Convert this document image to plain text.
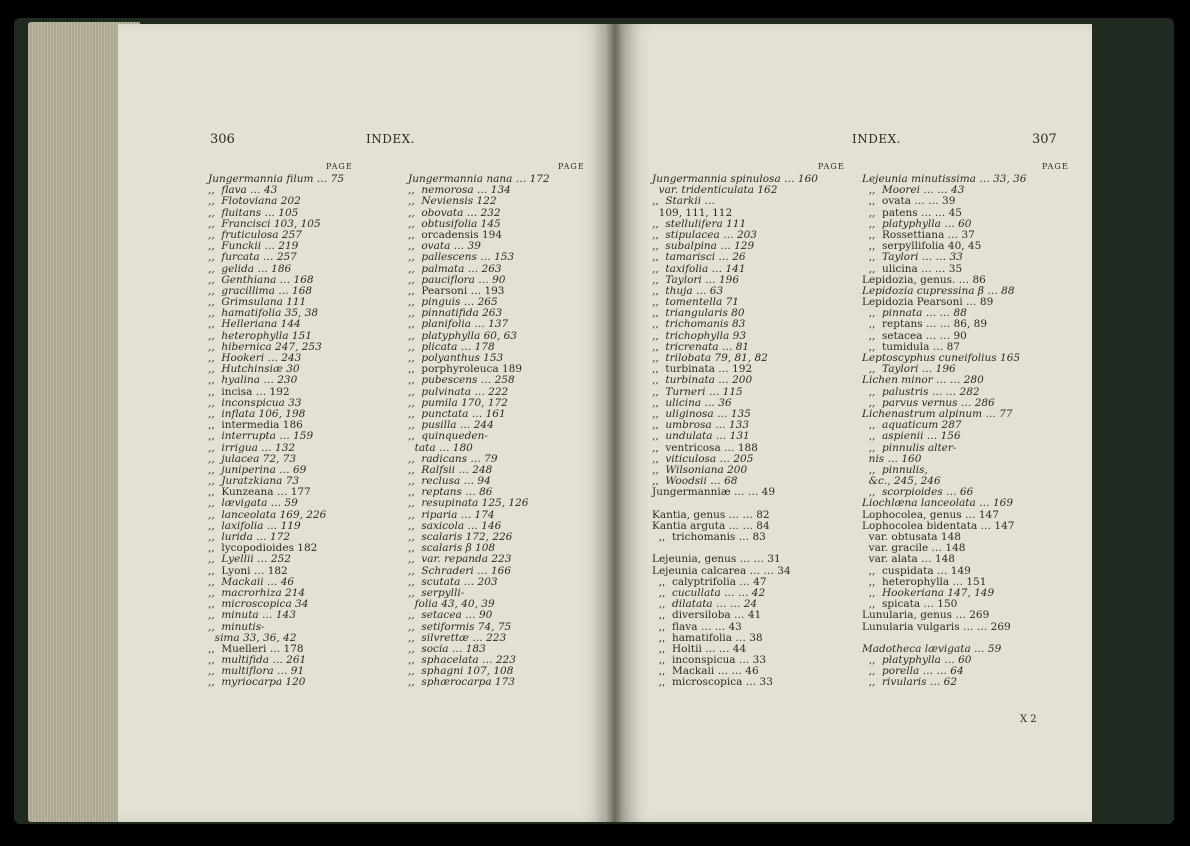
306	INDEX.
PAGE	PAGE
Jungermannia filum … 75
,,  flava … 43
,,  Flotoviana 202
,,  fluitans … 105
,,  Francisci 103, 105
,,  fruticulosa 257
,,  Funckii … 219
,,  furcata … 257
,,  gelida … 186
,,  Genthiana … 168
,,  gracillima … 168
,,  Grimsulana 111
,,  hamatifolia 35, 38
,,  Helleriana 144
,,  heterophylla 151
,,  hibernica 247, 253
,,  Hookeri … 243
,,  Hutchinsiæ 30
,,  hyalina … 230
,,  incisa … 192
,,  inconspicua 33
,,  inflata 106, 198
,,  intermedia 186
,,  interrupta … 159
,,  irrigua … 132
,,  julacea 72, 73
,,  juniperina … 69
,,  Juratzkiana 73
,,  Kunzeana … 177
,,  lævigata … 59
,,  lanceolata 169, 226
,,  laxifolia … 119
,,  lurida … 172
,,  lycopodioides 182
,,  Lyellii … 252
,,  Lyoni … 182
,,  Mackaii … 46
,,  macrorhiza 214
,,  microscopica 34
,,  minuta … 143
,,  minutis-
sima 33, 36, 42
,,  Muelleri … 178
,,  multifida … 261
,,  multiflora … 91
,,  myriocarpa 120
Jungermannia nana … 172
,,  nemorosa … 134
,,  Neviensis 122
,,  obovata … 232
,,  obtusifolia 145
,,  orcadensis 194
,,  ovata … 39
,,  pallescens … 153
,,  palmata … 263
,,  pauciflora … 90
,,  Pearsoni … 193
,,  pinguis … 265
,,  pinnatifida 263
,,  planifolia … 137
,,  platyphylla 60, 63
,,  plicata … 178
,,  polyanthus 153
,,  porphyroleuca 189
,,  pubescens … 258
,,  pulvinata … 222
,,  pumila 170, 172
,,  punctata … 161
,,  pusilla … 244
,,  quinqueden-
tata … 180
,,  radicans … 79
,,  Ralfsii … 248
,,  reclusa … 94
,,  reptans … 86
,,  resupinata 125, 126
,,  riparia … 174
,,  saxicola … 146
,,  scalaris 172, 226
,,  scalaris β 108
,,  var. repanda 223
,,  Schraderi … 166
,,  scutata … 203
,,  serpylli-
folia 43, 40, 39
,,  setacea … 90
,,  setiformis 74, 75
,,  silvrettæ … 223
,,  socia … 183
,,  sphacelata … 223
,,  sphagni 107, 108
,,  sphærocarpa 173
INDEX.	307
PAGE	PAGE
Jungermannia spinulosa … 160
var. tridenticulata 162
,,  Starkii …
109, 111, 112
,,  stellulifera 111
,,  stipulacea … 203
,,  subalpina … 129
,,  tamarisci … 26
,,  taxifolia … 141
,,  Taylori … 196
,,  thuja … 63
,,  tomentella 71
,,  triangularis 80
,,  trichomanis 83
,,  trichophylla 93
,,  tricrenata … 81
,,  trilobata 79, 81, 82
,,  turbinata … 192
,,  turbinata … 200
,,  Turneri … 115
,,  ulicina … 36
,,  uliginosa … 135
,,  umbrosa … 133
,,  undulata … 131
,,  ventricosa … 188
,,  viticulosa … 205
,,  Wilsoniana 200
,,  Woodsii … 68
Jungermanniæ … … 49
Kantia, genus … … 82
Kantia arguta … … 84
,,  trichomanis … 83
Lejeunia, genus … … 31
Lejeunia calcarea … … 34
,,  calyptrifolia … 47
,,  cucullata … … 42
,,  dilatata … … 24
,,  diversiloba … 41
,,  flava … … 43
,,  hamatifolia … 38
,,  Holtii … … 44
,,  inconspicua … 33
,,  Mackaii … … 46
,,  microscopica … 33
Lejeunia minutissima … 33, 36
,,  Moorei … … 43
,,  ovata … … 39
,,  patens … … 45
,,  platyphylla … 60
,,  Rossettiana … 37
,,  serpyllifolia 40, 45
,,  Taylori … … 33
,,  ulicina … … 35
Lepidozia, genus. … 86
Lepidozia cupressina β … 88
Lepidozia Pearsoni … 89
,,  pinnata … … 88
,,  reptans … … 86, 89
,,  setacea … … 90
,,  tumidula … 87
Leptoscyphus cuneifolius 165
,,  Taylori … 196
Lichen minor … … 280
,,  palustris … … 282
,,  parvus vernus … 286
Lichenastrum alpinum … 77
,,  aquaticum 287
,,  aspienii … 156
,,  pinnulis alter-
nis … 160
,,  pinnulis,
&c., 245, 246
,,  scorpioides … 66
Liochlæna lanceolata … 169
Lophocolea, genus … 147
Lophocolea bidentata … 147
var. obtusata 148
var. gracile … 148
var. alata … 148
,,  cuspidata … 149
,,  heterophylla … 151
,,  Hookeriana 147, 149
,,  spicata … 150
Lunularia, genus … 269
Lunularia vulgaris … … 269
Madotheca lævigata … 59
,,  platyphylla … 60
,,  porella … … 64
,,  rivularis … 62
X 2
